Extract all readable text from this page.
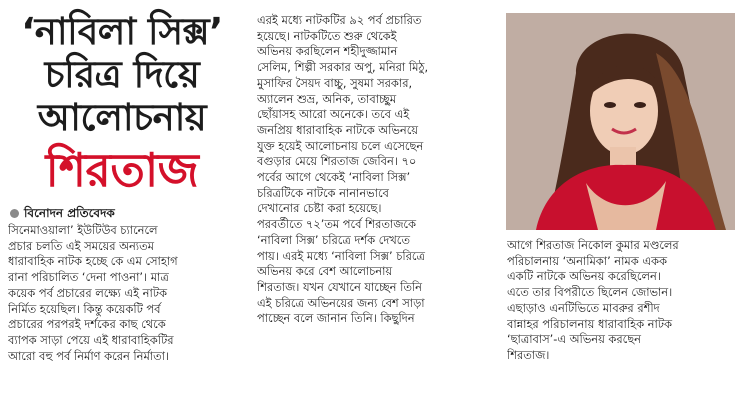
‘নাবিলা সিক্স’
চরিত্র দিয়ে
আলোচনায়
শিরতাজ
বিনোদন প্রতিবেদক
সিনেমাওয়ালা’ ইউটিউব চ্যানেলে
প্রচার চলতি এই সময়ের অন্যতম
ধারাবাহিক নাটক হচ্ছে কে এম সোহাগ
রানা পরিচালিত ‘দেনা পাওনা’। মাত্র
কয়েক পর্ব প্রচারের লক্ষ্যে এই নাটক
নির্মিত হয়েছিল। কিন্তু কয়েকটি পর্ব
প্রচারের পরপরই দর্শকের কাছ থেকে
ব্যাপক সাড়া পেয়ে এই ধারাবাহিকটির
আরো বহু পর্ব নির্মাণ করেন নির্মাতা।
এরই মধ্যে নাটকটির ৯২ পর্ব প্রচারিত
হয়েছে। নাটকটিতে শুরু থেকেই
অভিনয় করছিলেন শহীদুজ্জামান
সেলিম, শিল্পী সরকার অপু, মনিরা মিঠু,
মুসাফির সৈয়দ বাচ্চু, সুষমা সরকার,
অ্যালেন শুভ্র, অনিক, তাবাচ্ছুম
ছোঁয়াসহ আরো অনেকে। তবে এই
জনপ্রিয় ধারাবাহিক নাটকে অভিনয়ে
যুক্ত হয়েই আলোচনায় চলে এসেছেন
বগুড়ার মেয়ে শিরতাজ জেবিন। ৭০
পর্বের আগে থেকেই ‘নাবিলা সিক্স’
চরিত্রটিকে নাটকে নানানভাবে
দেখানোর চেষ্টা করা হয়েছে।
পরবর্তীতে ৭২’তম পর্বে শিরতাজকে
‘নাবিলা সিক্স’ চরিত্রে দর্শক দেখতে
পায়। এরই মধ্যে ‘নাবিলা সিক্স’ চরিত্রে
অভিনয় করে বেশ আলোচনায়
শিরতাজ। যখন যেখানে যাচ্ছেন তিনি
এই চরিত্রে অভিনয়ের জন্য বেশ সাড়া
পাচ্ছেন বলে জানান তিনি। কিছুদিন
আগে শিরতাজ নিকোল কুমার মণ্ডলের
পরিচালনায় ‘অনামিকা’ নামক একক
একটি নাটকে অভিনয় করেছিলেন।
এতে তার বিপরীতে ছিলেন জোভান।
এছাড়াও এনটিভিতে মাবরুর রশীদ
বান্নাহর পরিচালনায় ধারাবাহিক নাটক
‘ছাত্রাবাস’-এ অভিনয় করছেন
শিরতাজ।
